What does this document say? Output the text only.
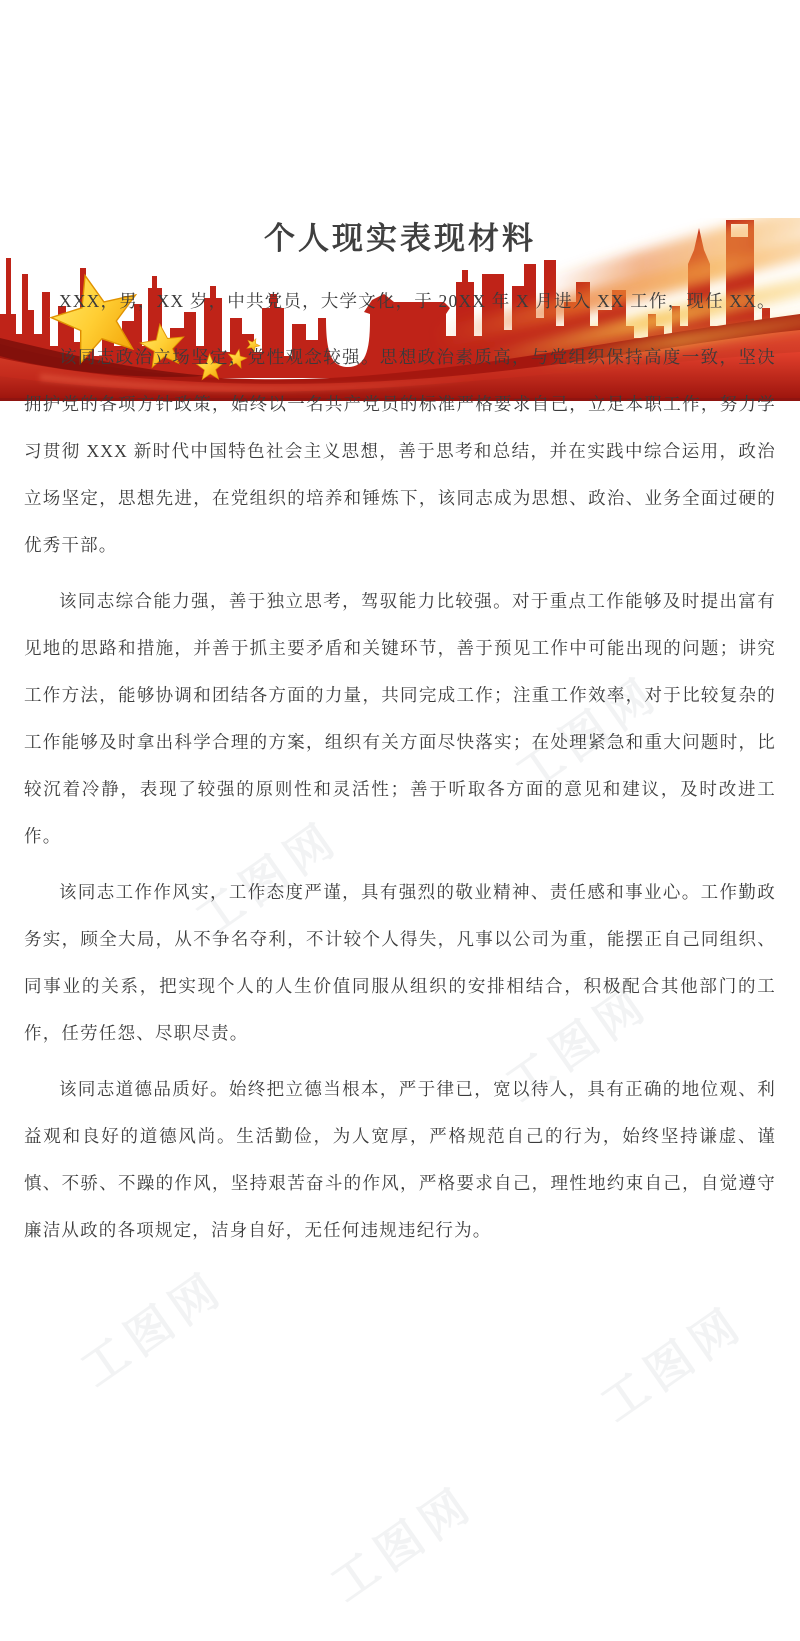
工图网
工图网
工图网
工图网	工图网
工图网
个人现实表现材料

XXX，男，XX 岁，中共党员，大学文化，于 20XX 年 X 月进入 XX 工作，现任 XX。

该同志政治立场坚定，党性观念较强。思想政治素质高，与党组织保持高度一致，坚决拥护党的各项方针政策，始终以一名共产党员的标准严格要求自己，立足本职工作，努力学习贯彻 XXX 新时代中国特色社会主义思想，善于思考和总结，并在实践中综合运用，政治立场坚定，思想先进，在党组织的培养和锤炼下，该同志成为思想、政治、业务全面过硬的优秀干部。

该同志综合能力强，善于独立思考，驾驭能力比较强。对于重点工作能够及时提出富有见地的思路和措施，并善于抓主要矛盾和关键环节，善于预见工作中可能出现的问题；讲究工作方法，能够协调和团结各方面的力量，共同完成工作；注重工作效率，对于比较复杂的工作能够及时拿出科学合理的方案，组织有关方面尽快落实；在处理紧急和重大问题时，比较沉着冷静，表现了较强的原则性和灵活性；善于听取各方面的意见和建议，及时改进工作。

该同志工作作风实，工作态度严谨，具有强烈的敬业精神、责任感和事业心。工作勤政务实，顾全大局，从不争名夺利，不计较个人得失，凡事以公司为重，能摆正自己同组织、同事业的关系，把实现个人的人生价值同服从组织的安排相结合，积极配合其他部门的工作，任劳任怨、尽职尽责。

该同志道德品质好。始终把立德当根本，严于律已，宽以待人，具有正确的地位观、利益观和良好的道德风尚。生活勤俭，为人宽厚，严格规范自己的行为，始终坚持谦虚、谨慎、不骄、不躁的作风，坚持艰苦奋斗的作风，严格要求自己，理性地约束自己，自觉遵守廉洁从政的各项规定，洁身自好，无任何违规违纪行为。
